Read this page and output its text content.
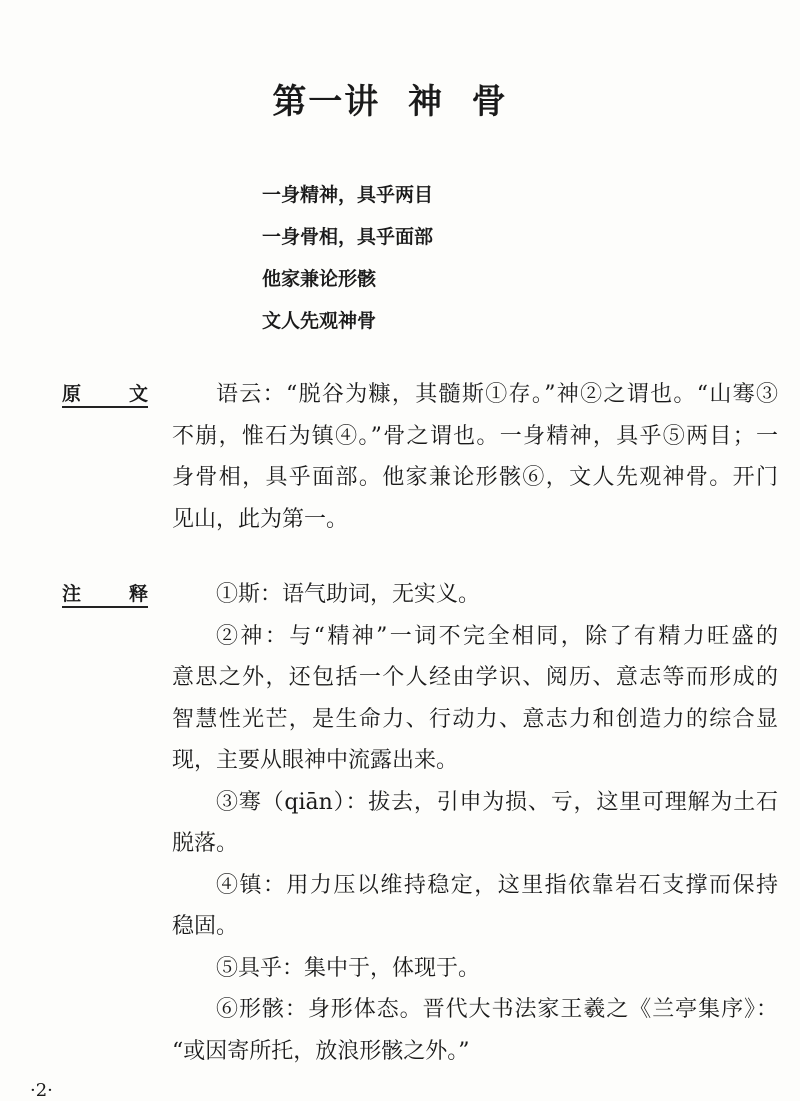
第一讲  神  骨
一身精神，具乎两目
一身骨相，具乎面部
他家兼论形骸
文人先观神骨
原	文	语云：“脱谷为糠，其髓斯①存。”神②之谓也。“山骞③
不崩，惟石为镇④。”骨之谓也。一身精神，具乎⑤两目；一
身骨相，具乎面部。他家兼论形骸⑥，文人先观神骨。开门
见山，此为第一。
注	释	①斯：语气助词，无实义。
②神：与“精神”一词不完全相同，除了有精力旺盛的
意思之外，还包括一个人经由学识、阅历、意志等而形成的
智慧性光芒，是生命力、行动力、意志力和创造力的综合显
现，主要从眼神中流露出来。
③骞（qiān）：拔去，引申为损、亏，这里可理解为土石
脱落。
④镇：用力压以维持稳定，这里指依靠岩石支撑而保持
稳固。
⑤具乎：集中于，体现于。
⑥形骸：身形体态。晋代大书法家王羲之《兰亭集序》：
“或因寄所托，放浪形骸之外。”
·2·
